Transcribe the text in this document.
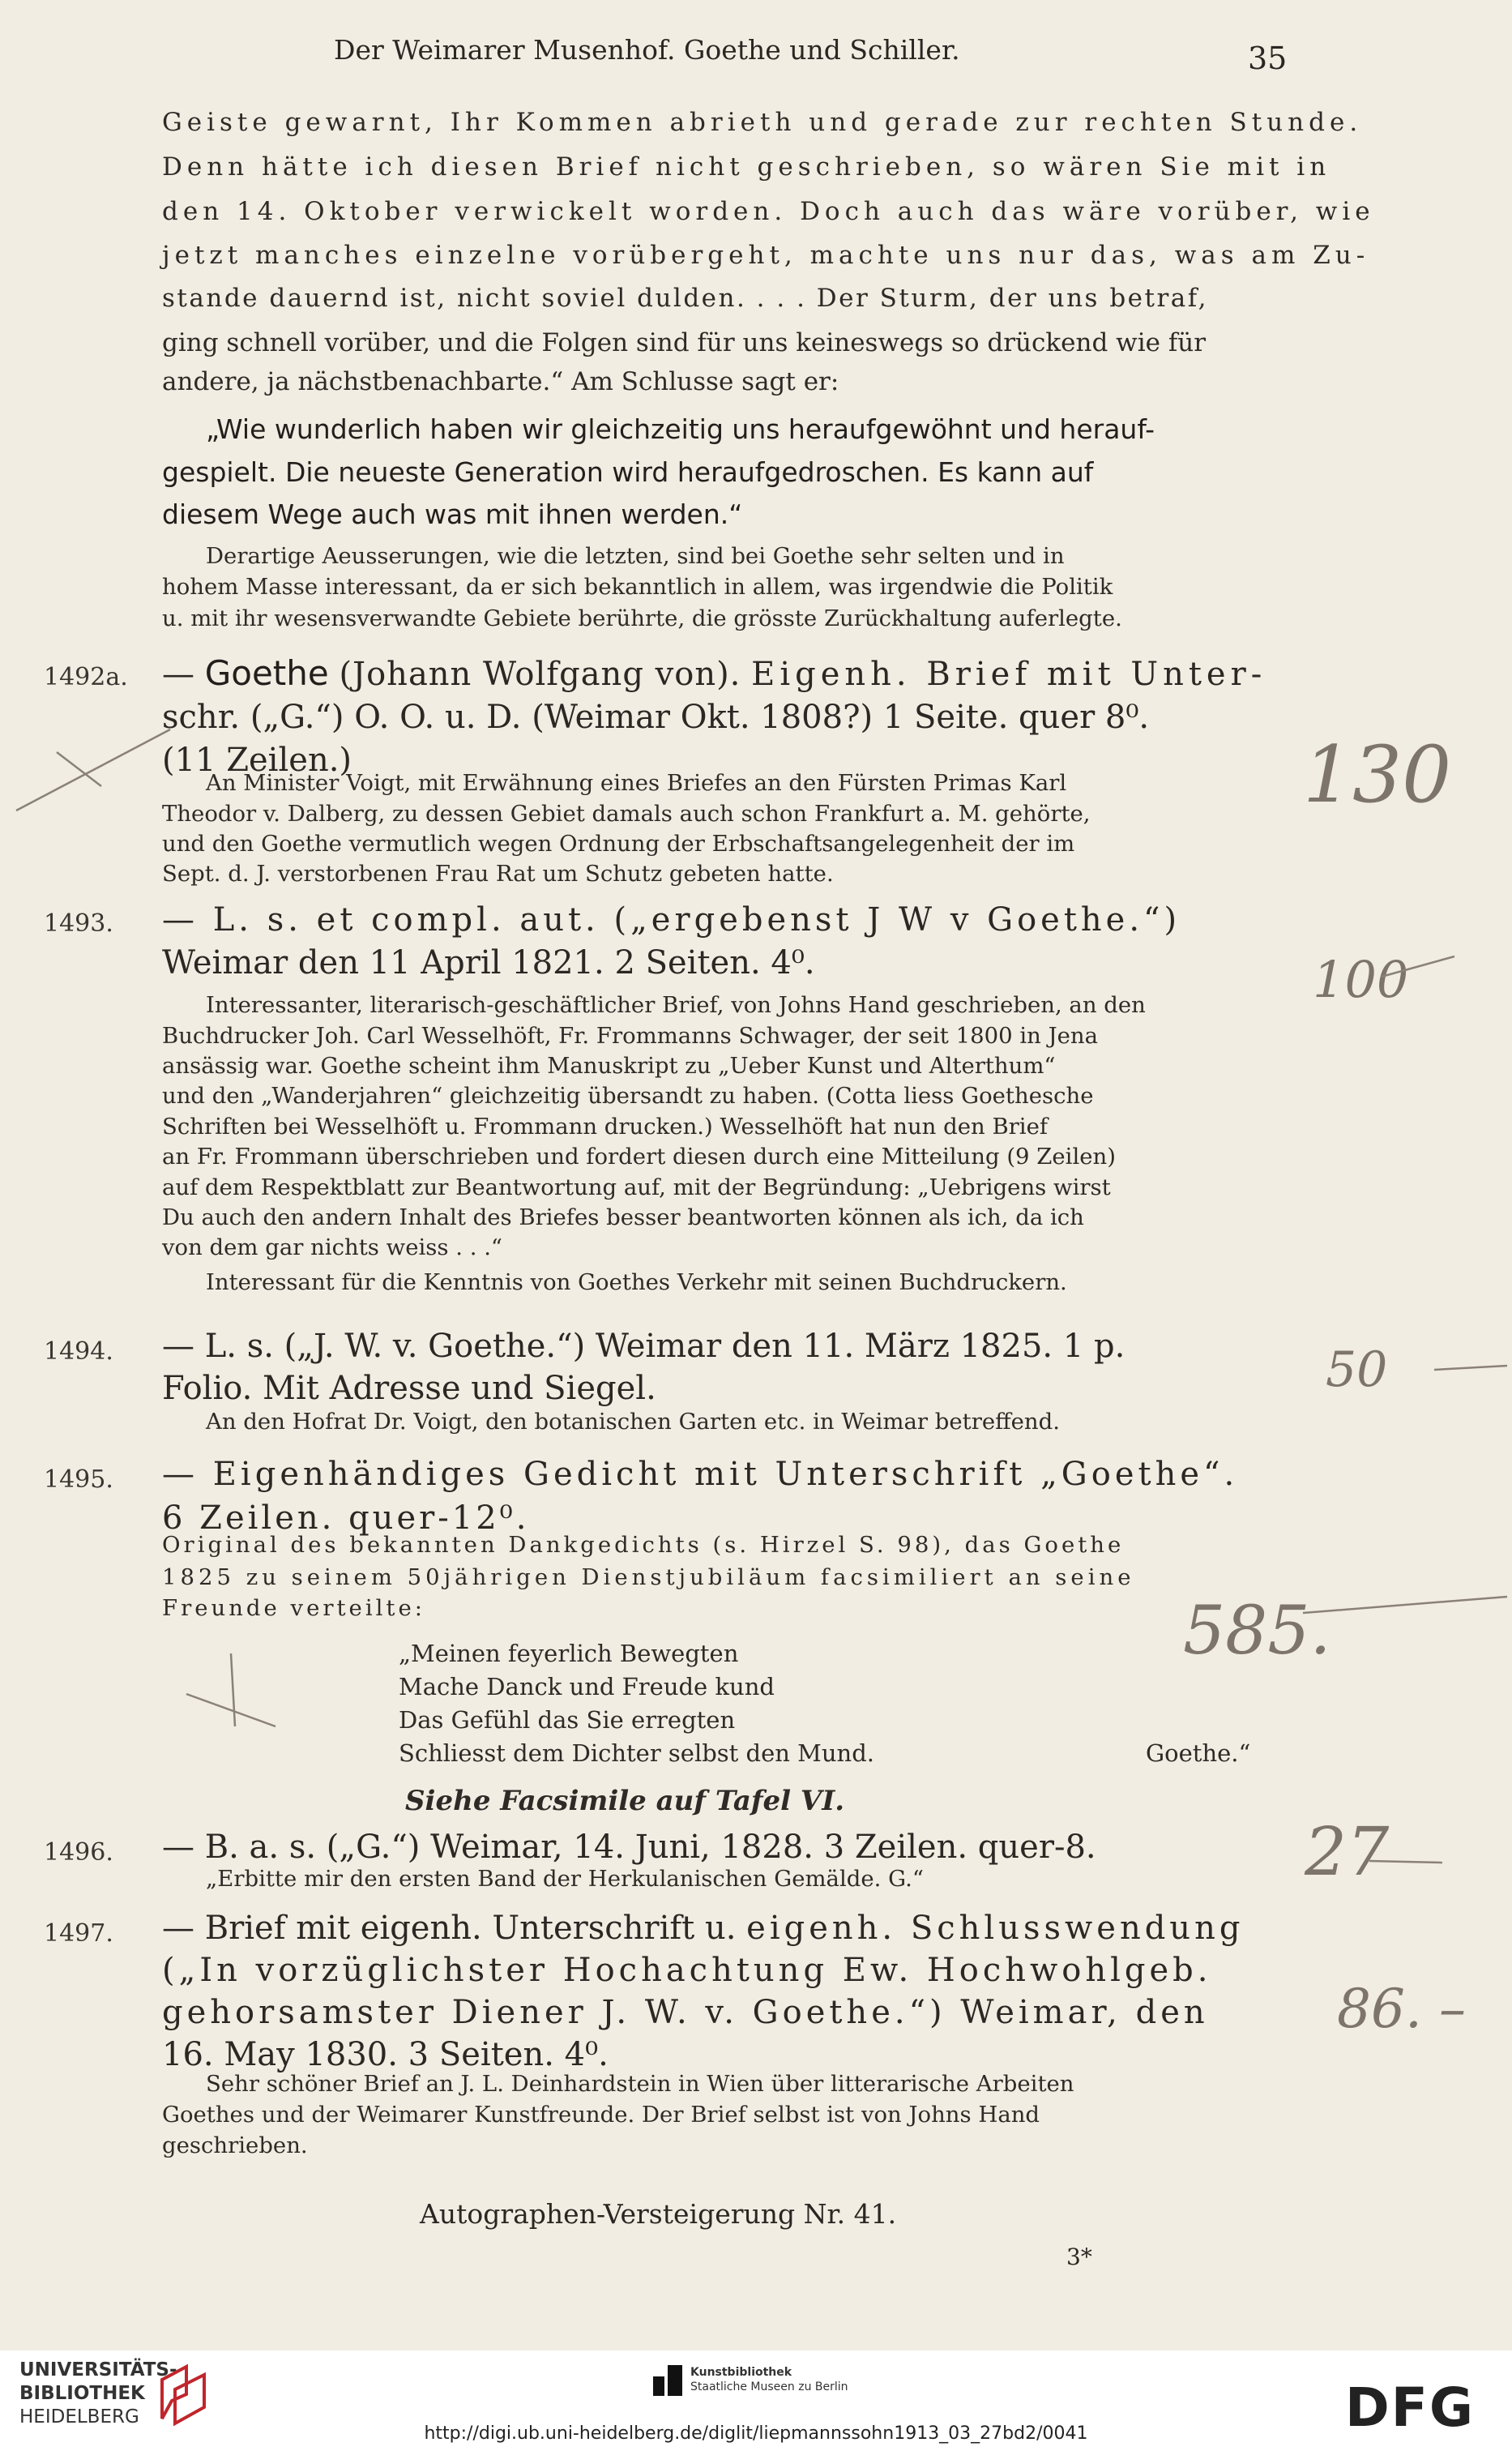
Der Weimarer Musenhof. Goethe und Schiller.	35
Geiste gewarnt, Ihr Kommen abrieth und gerade zur rechten Stunde.
Denn hätte ich diesen Brief nicht geschrieben, so wären Sie mit in
den 14. Oktober verwickelt worden. Doch auch das wäre vorüber, wie
jetzt manches einzelne vorübergeht, machte uns nur das, was am Zu-
stande dauernd ist, nicht soviel dulden. . . . Der Sturm, der uns betraf,
ging schnell vorüber, und die Folgen sind für uns keineswegs so drückend wie für
andere, ja nächstbenachbarte.“ Am Schlusse sagt er:
„Wie wunderlich haben wir gleichzeitig uns heraufgewöhnt und herauf-
gespielt. Die neueste Generation wird heraufgedroschen. Es kann auf
diesem Wege auch was mit ihnen werden.“
Derartige Aeusserungen, wie die letzten, sind bei Goethe sehr selten und in
hohem Masse interessant, da er sich bekanntlich in allem, was irgendwie die Politik
u. mit ihr wesensverwandte Gebiete berührte, die grösste Zurückhaltung auferlegte.
1492a. — Goethe (Johann Wolfgang von). Eigenh. Brief mit Unter-
schr. („G.“) O. O. u. D. (Weimar Okt. 1808?) 1 Seite. quer 8⁰.
(11 Zeilen.)
An Minister Voigt, mit Erwähnung eines Briefes an den Fürsten Primas Karl
Theodor v. Dalberg, zu dessen Gebiet damals auch schon Frankfurt a. M. gehörte,
und den Goethe vermutlich wegen Ordnung der Erbschaftsangelegenheit der im
Sept. d. J. verstorbenen Frau Rat um Schutz gebeten hatte.
130
1493. — L. s. et compl. aut. („ergebenst J W v Goethe.“)
Weimar den 11 April 1821. 2 Seiten. 4⁰.
Interessanter, literarisch-geschäftlicher Brief, von Johns Hand geschrieben, an den
Buchdrucker Joh. Carl Wesselhöft, Fr. Frommanns Schwager, der seit 1800 in Jena
ansässig war. Goethe scheint ihm Manuskript zu „Ueber Kunst und Alterthum“
und den „Wanderjahren“ gleichzeitig übersandt zu haben. (Cotta liess Goethesche
Schriften bei Wesselhöft u. Frommann drucken.) Wesselhöft hat nun den Brief
an Fr. Frommann überschrieben und fordert diesen durch eine Mitteilung (9 Zeilen)
auf dem Respektblatt zur Beantwortung auf, mit der Begründung: „Uebrigens wirst
Du auch den andern Inhalt des Briefes besser beantworten können als ich, da ich
von dem gar nichts weiss . . .“
Interessant für die Kenntnis von Goethes Verkehr mit seinen Buchdruckern.
100
1494. — L. s. („J. W. v. Goethe.“) Weimar den 11. März 1825. 1 p.
Folio. Mit Adresse und Siegel.
An den Hofrat Dr. Voigt, den botanischen Garten etc. in Weimar betreffend.
50
1495. — Eigenhändiges Gedicht mit Unterschrift „Goethe“.
6 Zeilen. quer-12⁰.
Original des bekannten Dankgedichts (s. Hirzel S. 98), das Goethe
1825 zu seinem 50jährigen Dienstjubiläum facsimiliert an seine
Freunde verteilte:
„Meinen feyerlich Bewegten
Mache Danck und Freude kund
Das Gefühl das Sie erregten
Schliesst dem Dichter selbst den Mund.	Goethe.“
Siehe Facsimile auf Tafel VI.
585.
1496. — B. a. s. („G.“) Weimar, 14. Juni, 1828. 3 Zeilen. quer-8.
„Erbitte mir den ersten Band der Herkulanischen Gemälde. G.“	27
1497. — Brief mit eigenh. Unterschrift u. eigenh. Schlusswendung
(„In vorzüglichster Hochachtung Ew. Hochwohlgeb.
gehorsamster Diener J. W. v. Goethe.“) Weimar, den
16. May 1830. 3 Seiten. 4⁰.
Sehr schöner Brief an J. L. Deinhardstein in Wien über litterarische Arbeiten
Goethes und der Weimarer Kunstfreunde. Der Brief selbst ist von Johns Hand
geschrieben.
86. –
Autographen-Versteigerung Nr. 41.
3*
UNIVERSITÄTS-
BIBLIOTHEK
HEIDELBERG
Kunstbibliothek
Staatliche Museen zu Berlin	DFG
http://digi.ub.uni-heidelberg.de/diglit/liepmannssohn1913_03_27bd2/0041
